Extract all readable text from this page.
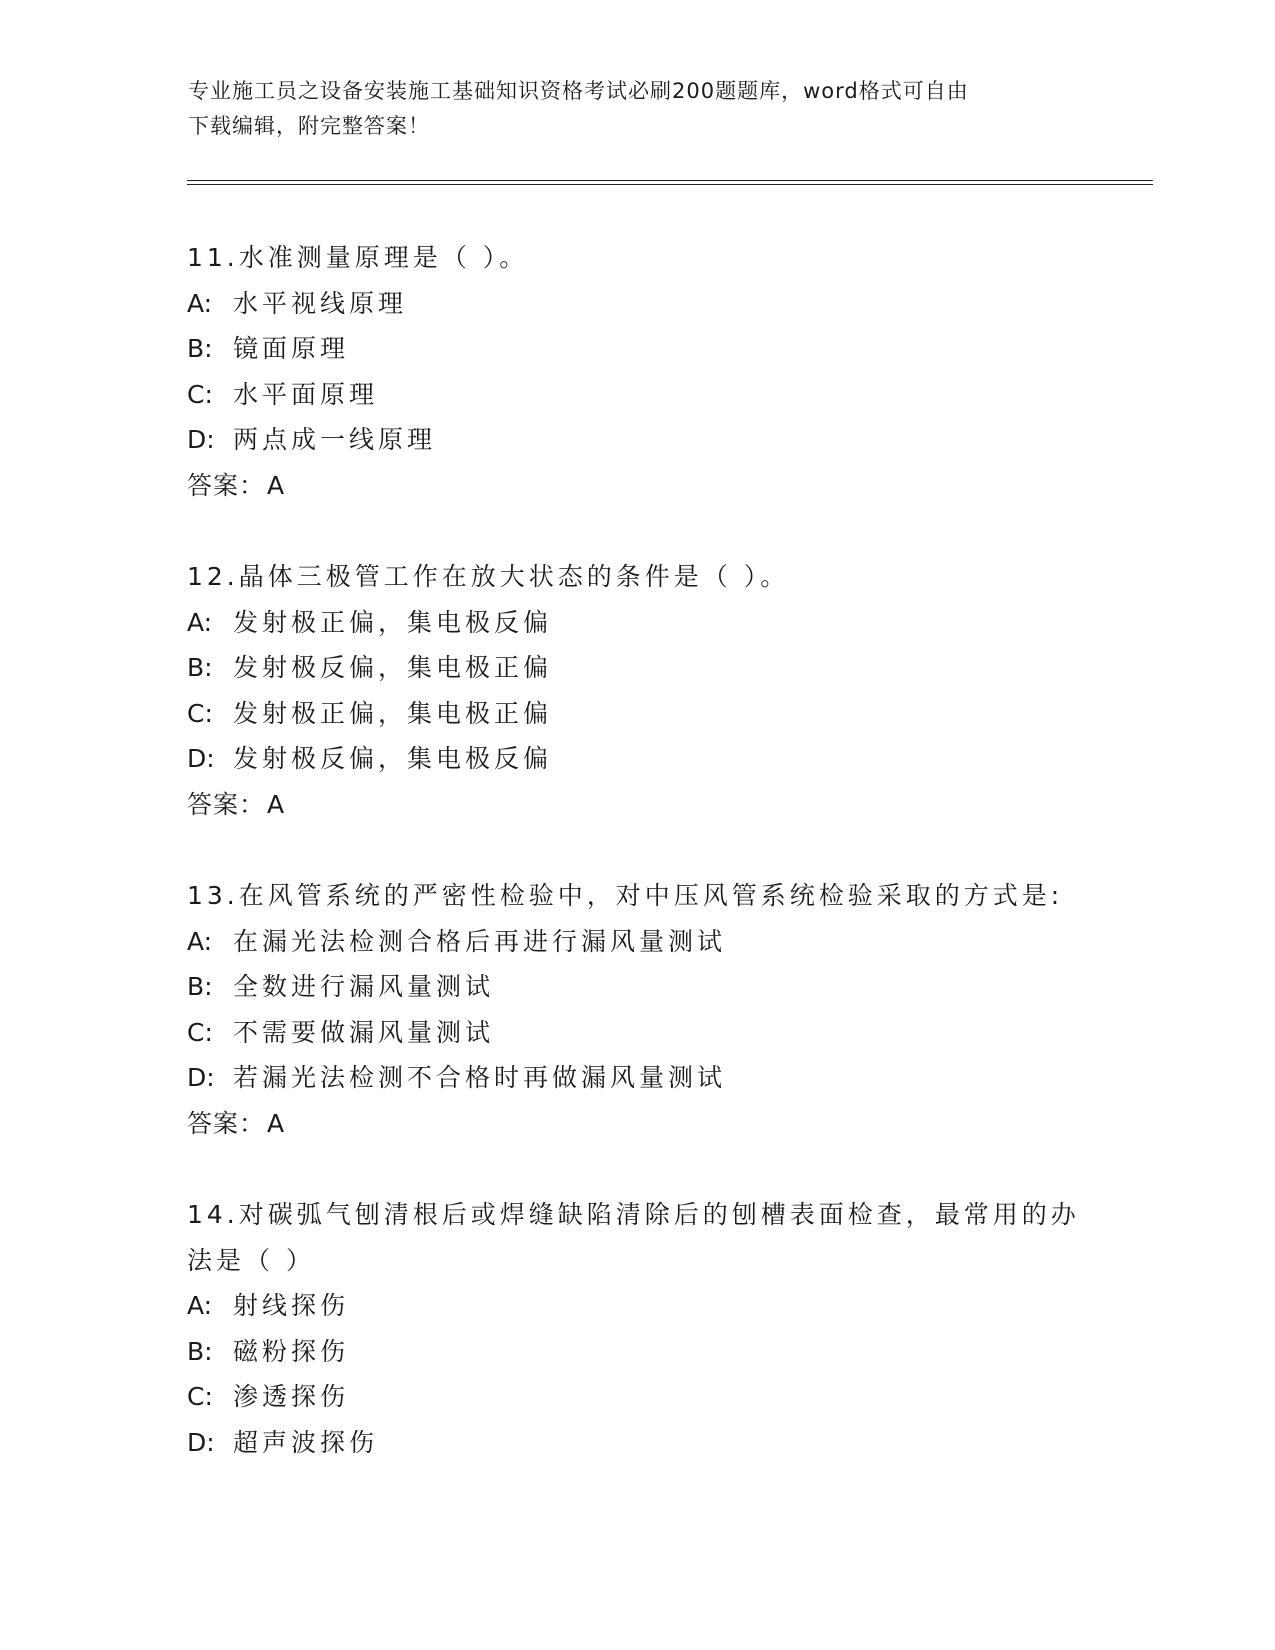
专业施工员之设备安装施工基础知识资格考试必刷200题题库，word格式可自由
下载编辑，附完整答案！

11.水准测量原理是（ ）。

A: 水平视线原理

B: 镜面原理

C: 水平面原理

D: 两点成一线原理

答案：A

12.晶体三极管工作在放大状态的条件是（ ）。

A: 发射极正偏，集电极反偏

B: 发射极反偏，集电极正偏

C: 发射极正偏，集电极正偏

D: 发射极反偏，集电极反偏

答案：A

13.在风管系统的严密性检验中，对中压风管系统检验采取的方式是:

A: 在漏光法检测合格后再进行漏风量测试

B: 全数进行漏风量测试

C: 不需要做漏风量测试

D: 若漏光法检测不合格时再做漏风量测试

答案：A

14.对碳弧气刨清根后或焊缝缺陷清除后的刨槽表面检查，最常用的办

法是（ ）

A: 射线探伤

B: 磁粉探伤

C: 渗透探伤

D: 超声波探伤
